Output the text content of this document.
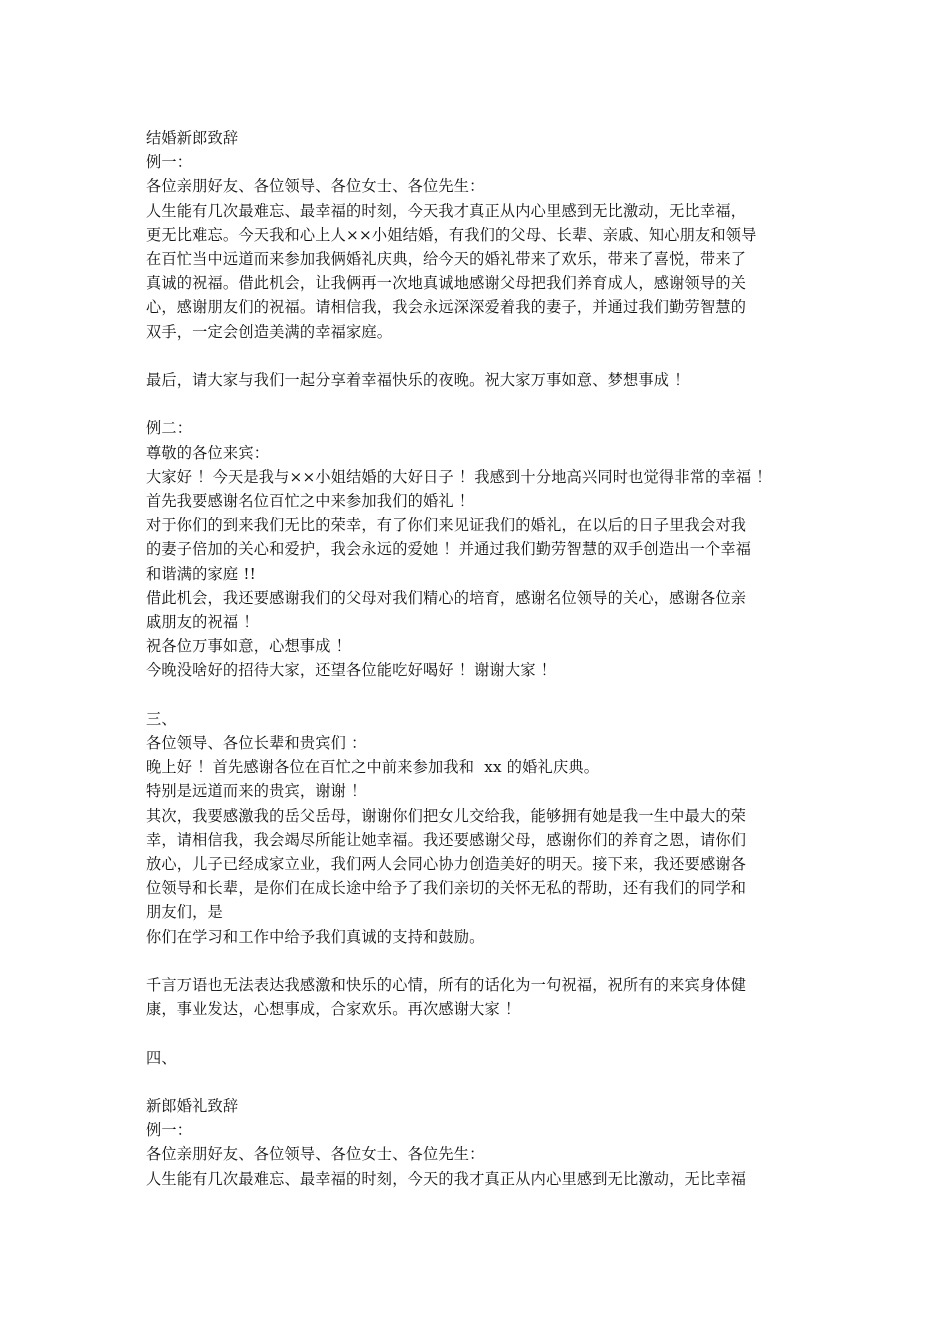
结婚新郎致辞
例一：
各位亲朋好友、各位领导、各位女士、各位先生：
人生能有几次最难忘、最幸福的时刻，今天我才真正从内心里感到无比激动，无比幸福，
更无比难忘。今天我和心上人××小姐结婚，有我们的父母、长辈、亲戚、知心朋友和领导
在百忙当中远道而来参加我俩婚礼庆典，给今天的婚礼带来了欢乐，带来了喜悦，带来了
真诚的祝福。借此机会，让我俩再一次地真诚地感谢父母把我们养育成人，感谢领导的关
心，感谢朋友们的祝福。请相信我，我会永远深深爱着我的妻子，并通过我们勤劳智慧的
双手，一定会创造美满的幸福家庭。
最后，请大家与我们一起分享着幸福快乐的夜晚。祝大家万事如意、梦想事成 ！
例二：
尊敬的各位来宾：
大家好 ！今天是我与××小姐结婚的大好日子 ！我感到十分地高兴同时也觉得非常的幸福 ！
首先我要感谢名位百忙之中来参加我们的婚礼 ！
对于你们的到来我们无比的荣幸，有了你们来见证我们的婚礼，在以后的日子里我会对我
的妻子倍加的关心和爱护，我会永远的爱她 ！并通过我们勤劳智慧的双手创造出一个幸福
和谐满的家庭 !!
借此机会，我还要感谢我们的父母对我们精心的培育，感谢名位领导的关心，感谢各位亲
戚朋友的祝福 ！
祝各位万事如意，心想事成 ！
今晚没啥好的招待大家，还望各位能吃好喝好 ！谢谢大家 ！
三、
各位领导、各位长辈和贵宾们 ：
晚上好 ！首先感谢各位在百忙之中前来参加我和  xx 的婚礼庆典。
特别是远道而来的贵宾，谢谢 ！
其次，我要感激我的岳父岳母，谢谢你们把女儿交给我，能够拥有她是我一生中最大的荣
幸，请相信我，我会竭尽所能让她幸福。我还要感谢父母，感谢你们的养育之恩，请你们
放心，儿子已经成家立业，我们两人会同心协力创造美好的明天。接下来，我还要感谢各
位领导和长辈，是你们在成长途中给予了我们亲切的关怀无私的帮助，还有我们的同学和
朋友们，是
你们在学习和工作中给予我们真诚的支持和鼓励。
千言万语也无法表达我感激和快乐的心情，所有的话化为一句祝福，祝所有的来宾身体健
康，事业发达，心想事成，合家欢乐。再次感谢大家 ！
四、
新郎婚礼致辞
例一：
各位亲朋好友、各位领导、各位女士、各位先生：
人生能有几次最难忘、最幸福的时刻，今天的我才真正从内心里感到无比激动，无比幸福
